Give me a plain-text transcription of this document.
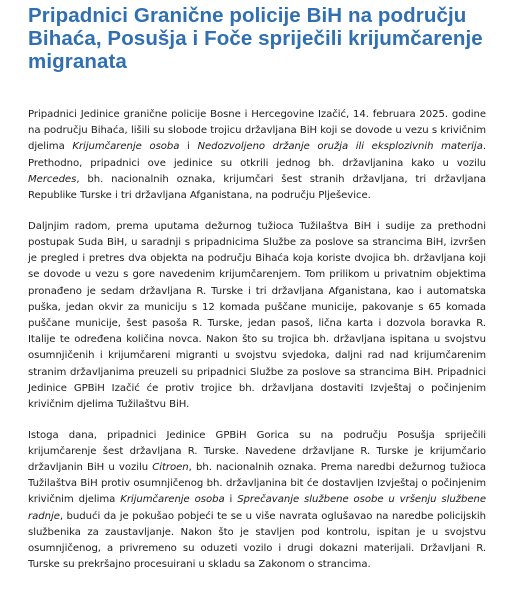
Pripadnici Granične policije BiH na području Bihaća, Posušja i Foče spriječili krijumčarenje migranata

Pripadnici Jedinice granične policije Bosne i Hercegovine Izačić, 14. februara 2025. godine na području Bihaća, lišili su slobode trojicu državljana BiH koji se dovode u vezu s krivičnim djelima Krijumčarenje osoba i Nedozvoljeno držanje oružja ili eksplozivnih materija. Prethodno, pripadnici ove jedinice su otkrili jednog bh. državljanina kako u vozilu Mercedes, bh. nacionalnih oznaka, krijumčari šest stranih državljana, tri državljana Republike Turske i tri državljana Afganistana, na području Plješevice.

Daljnjim radom, prema uputama dežurnog tužioca Tužilaštva BiH i sudije za prethodni postupak Suda BiH, u saradnji s pripadnicima Službe za poslove sa strancima BiH, izvršen je pregled i pretres dva objekta na području Bihaća koja koriste dvojica bh. državljana koji se dovode u vezu s gore navedenim krijumčarenjem. Tom prilikom u privatnim objektima pronađeno je sedam državljana R. Turske i tri državljana Afganistana, kao i automatska puška, jedan okvir za municiju s 12 komada puščane municije, pakovanje s 65 komada puščane municije, šest pasoša R. Turske, jedan pasoš, lična karta i dozvola boravka R. Italije te određena količina novca. Nakon što su trojica bh. državljana ispitana u svojstvu osumnjičenih i krijumčareni migranti u svojstvu svjedoka, daljni rad nad krijumčarenim stranim državljanima preuzeli su pripadnici Službe za poslove sa strancima BiH. Pripadnici Jedinice GPBiH Izačić će protiv trojice bh. državljana dostaviti Izvještaj o počinjenim krivičnim djelima Tužilaštvu BiH.

Istoga dana, pripadnici Jedinice GPBiH Gorica su na području Posušja spriječili krijumčarenje šest državljana R. Turske. Navedene državljane R. Turske je krijumčario državljanin BiH u vozilu Citroen, bh. nacionalnih oznaka. Prema naredbi dežurnog tužioca Tužilaštva BiH protiv osumnjičenog bh. državljanina bit će dostavljen Izvještaj o počinjenim krivičnim djelima Krijumčarenje osoba i Sprečavanje službene osobe u vršenju službene radnje, budući da je pokušao pobjeći te se u više navrata oglušavao na naredbe policijskih službenika za zaustavljanje. Nakon što je stavljen pod kontrolu, ispitan je u svojstvu osumnjičenog, a privremeno su oduzeti vozilo i drugi dokazni materijali. Državljani R. Turske su prekršajno procesuirani u skladu sa Zakonom o strancima.
